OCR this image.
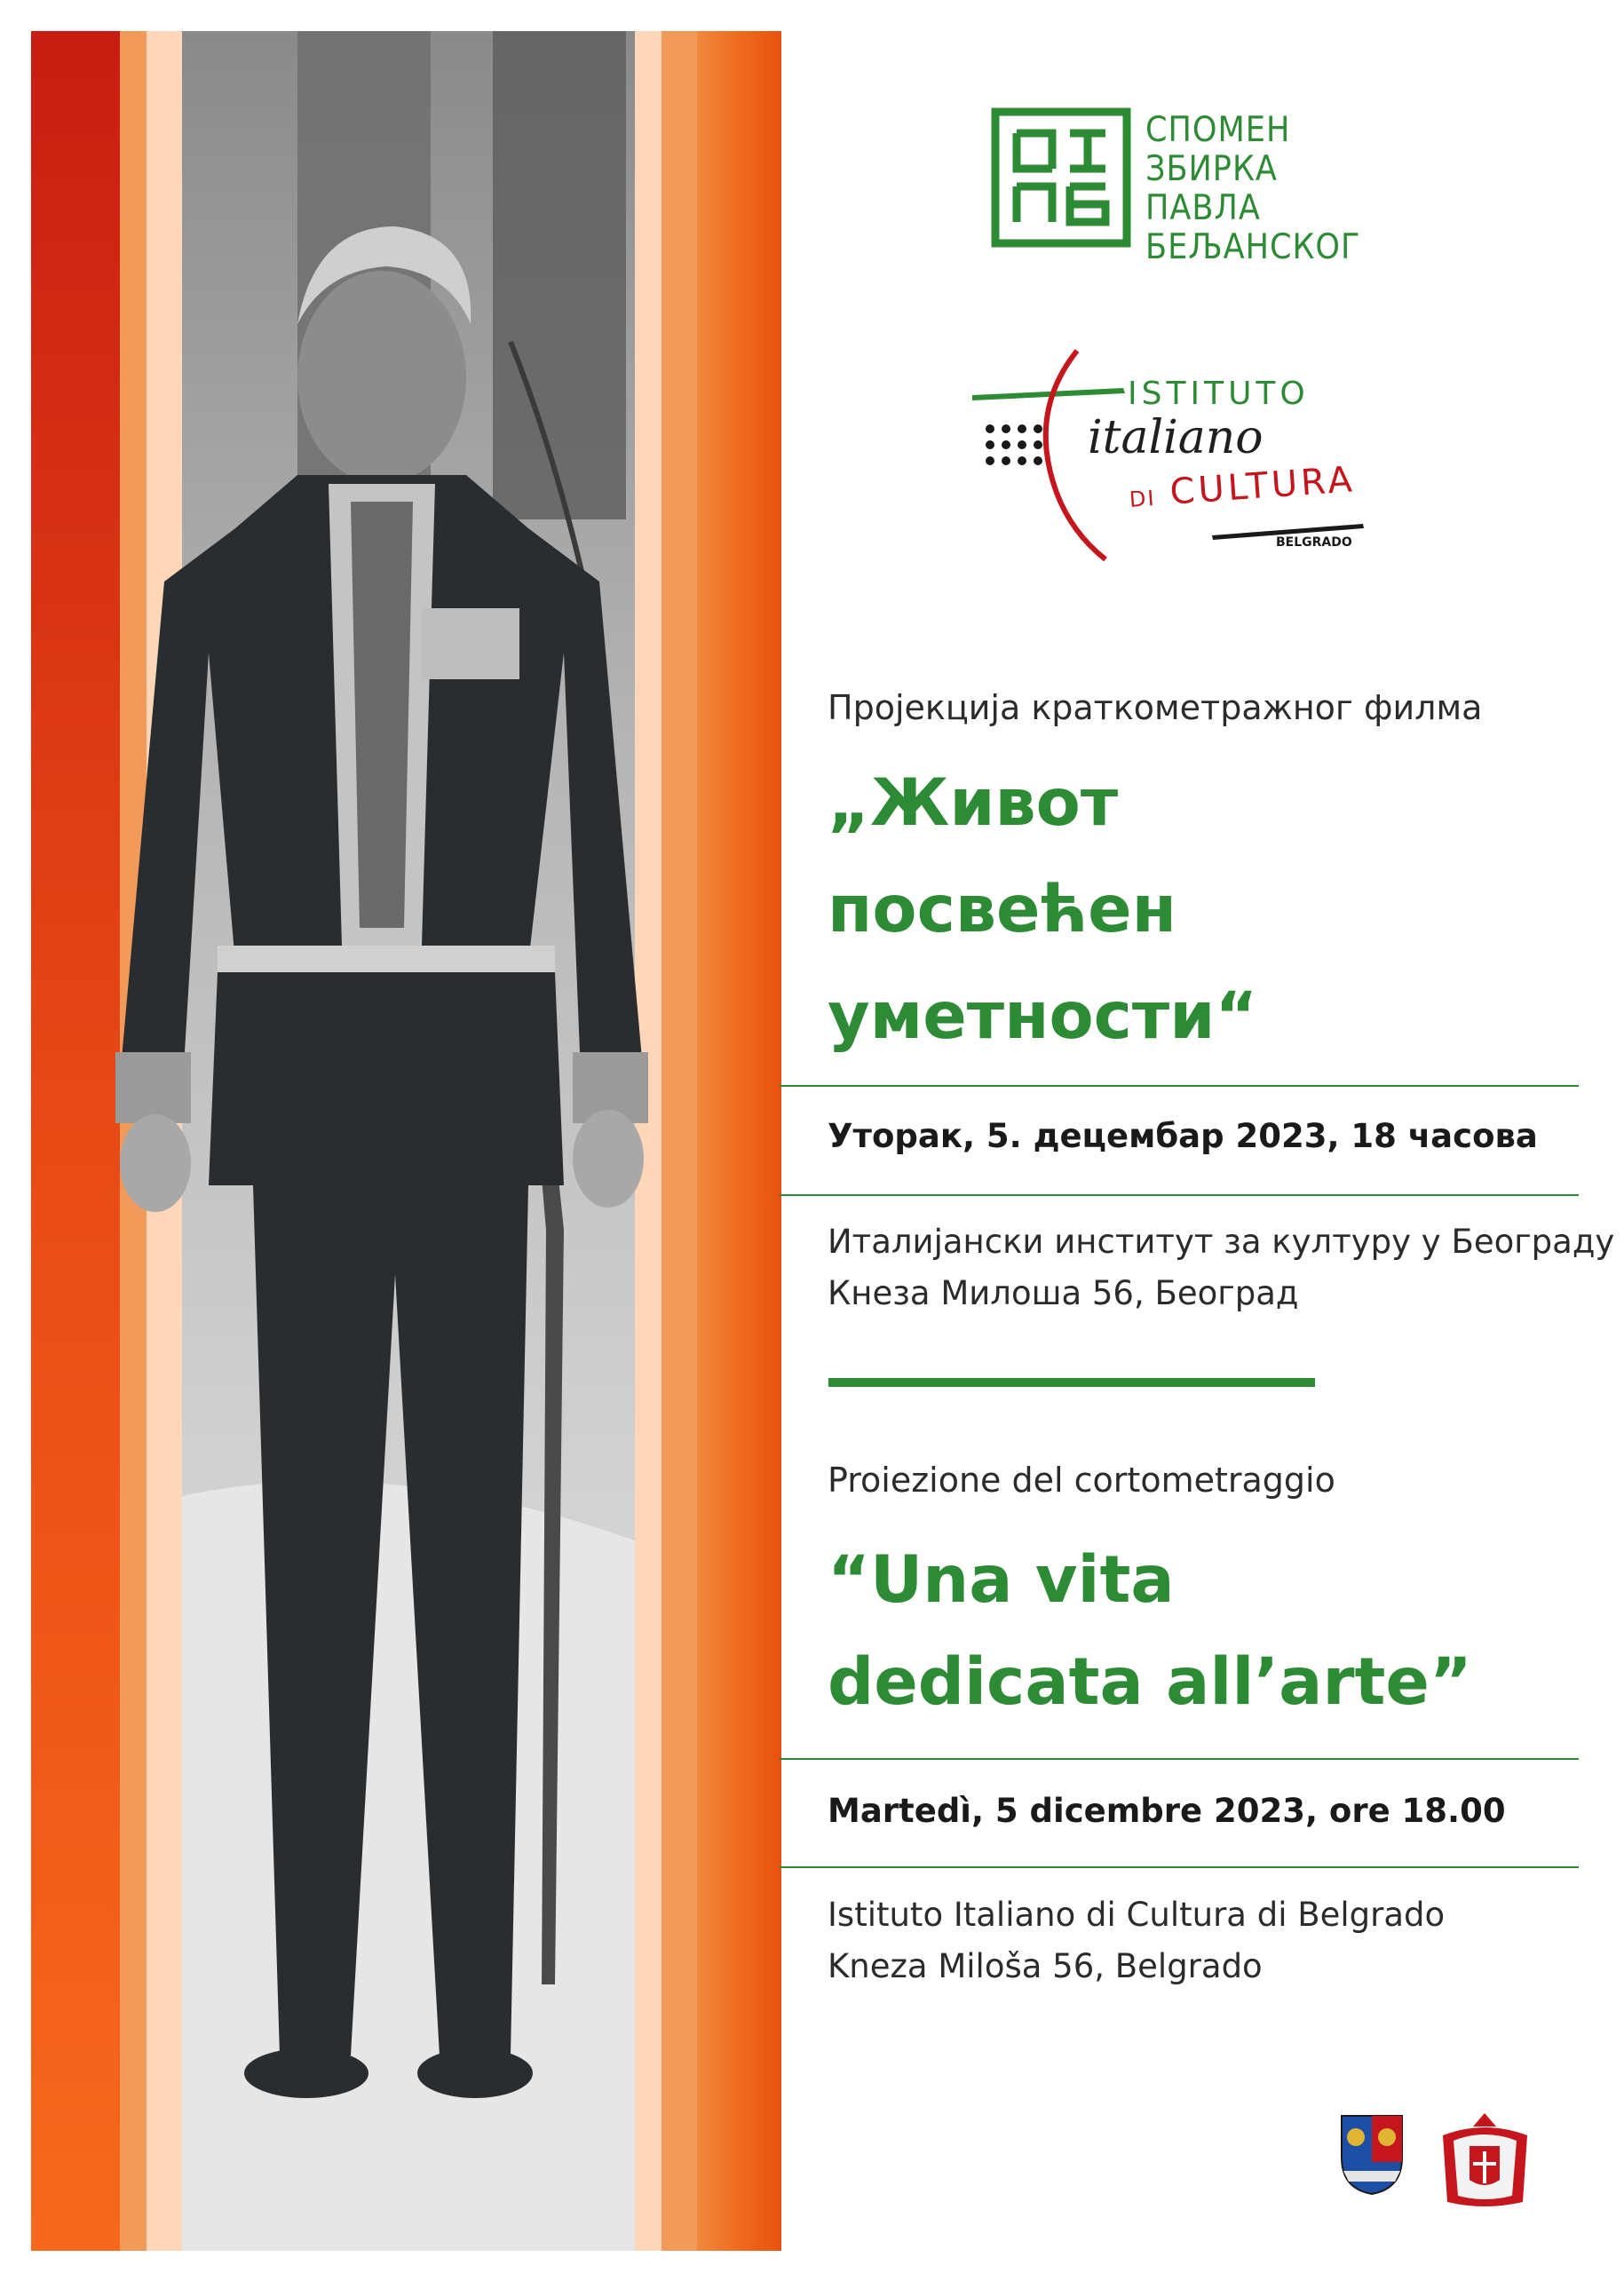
СПОМЕН
ЗБИРКА
ПАВЛА
БЕЉАНСКОГ
ISTITUTO
italiano
DI CULTURA
BELGRADO
Пројекција краткометражног филма
„Живот
посвећен
уметности“
Уторак, 5. децембар 2023, 18 часова
Италијански институт за културу у Београду
Кнеза Милоша 56, Београд
Proiezione del cortometraggio
“Una vita
dedicata all’arte”
Martedì, 5 dicembre 2023, ore 18.00
Istituto Italiano di Cultura di Belgrado
Kneza Miloša 56, Belgrado
